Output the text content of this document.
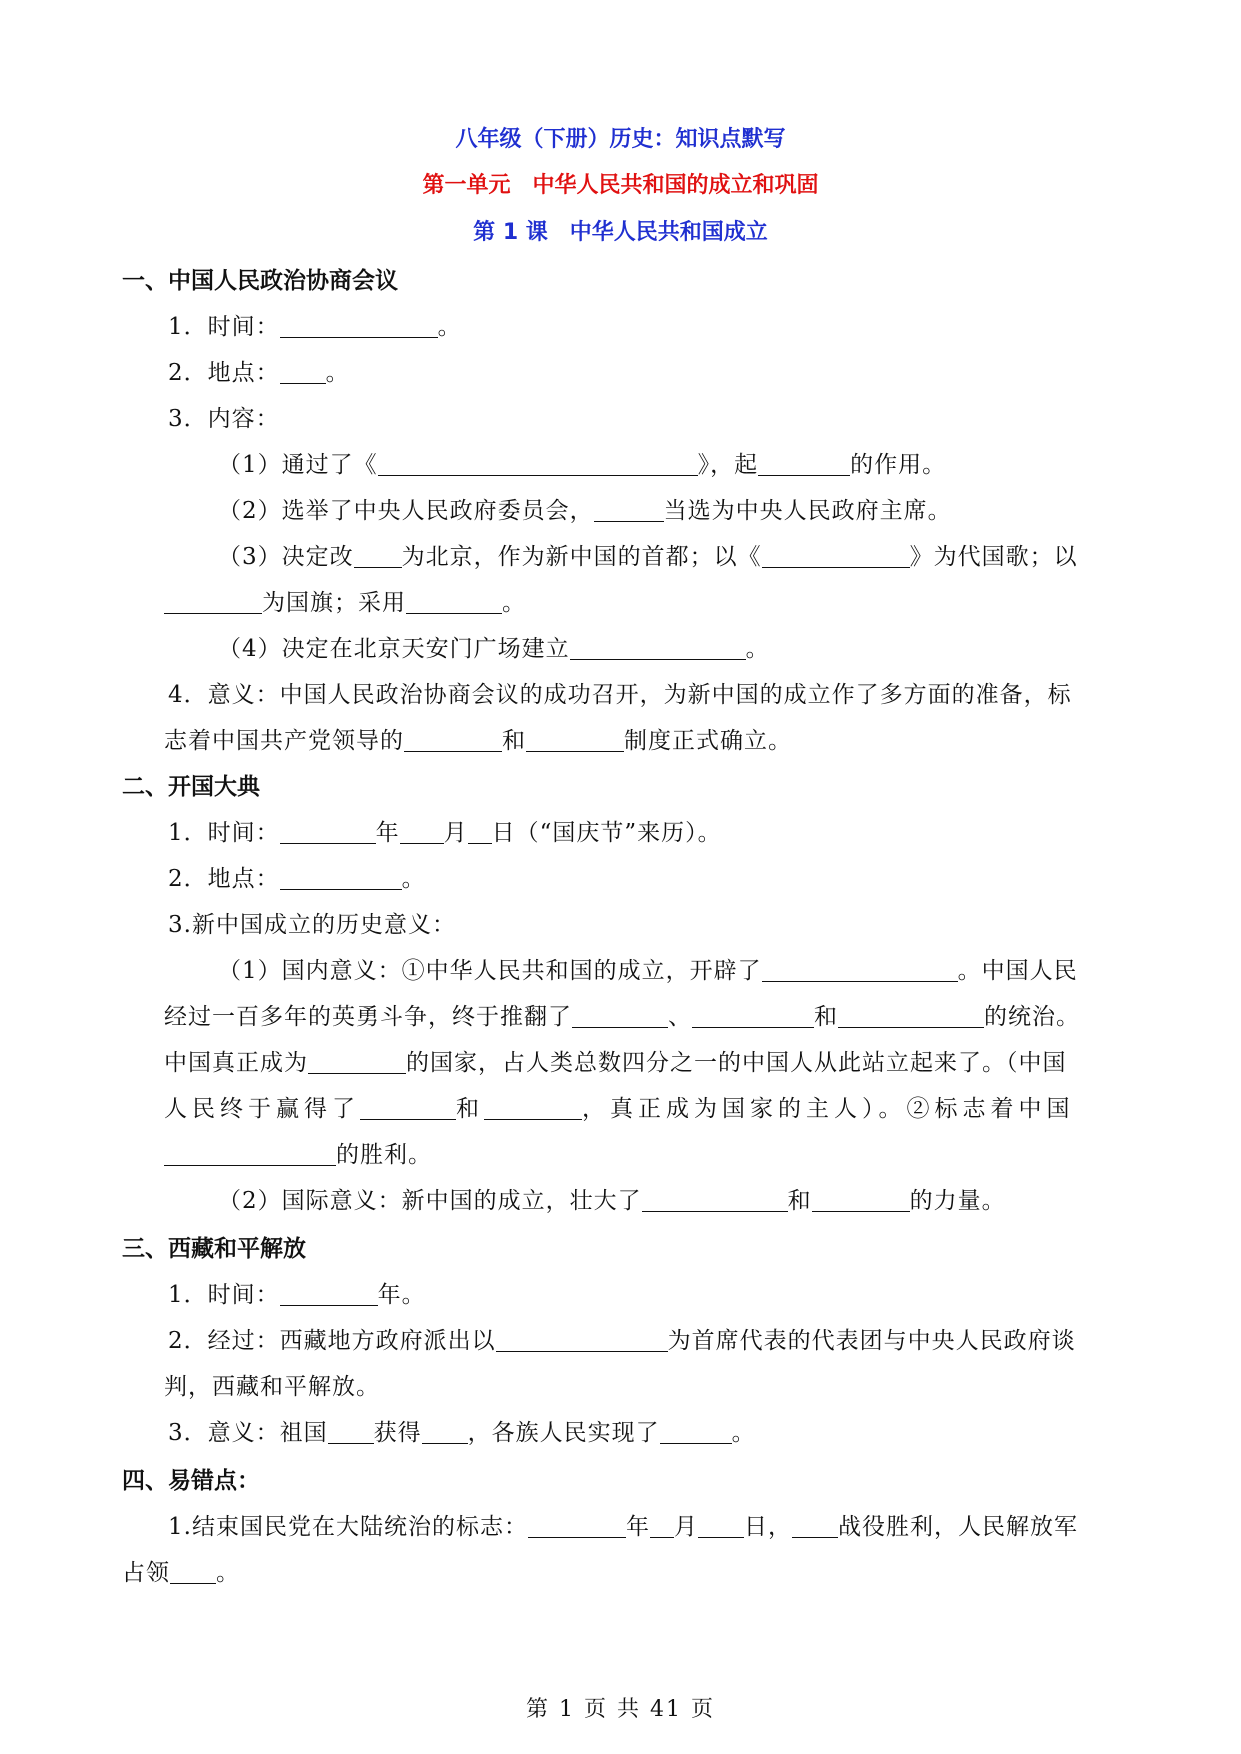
八年级（下册）历史：知识点默写
第一单元　中华人民共和国的成立和巩固
第 1 课　中华人民共和国成立
一、中国人民政治协商会议
1．时间：	。
2．地点： 。
3．内容：
（1）通过了《	》，起	的作用。
（2）选举了中央人民政府委员会，	当选为中央人民政府主席。
（3）决定改 为北京，作为新中国的首都；以《	》为代国歌；以
为国旗；采用	。
（4）决定在北京天安门广场建立	。
4．意义：中国人民政治协商会议的成功召开，为新中国的成立作了多方面的准备，标
志着中国共产党领导的	和	制度正式确立。
二、开国大典
1．时间：	年 月 日（“国庆节”来历）。
2．地点：	。
3.新中国成立的历史意义：
（1）国内意义：①中华人民共和国的成立，开辟了	。中国人民
经过一百多年的英勇斗争，终于推翻了	、	和	的统治。
中国真正成为	的国家，占人类总数四分之一的中国人从此站立起来了。（中国
人民终于赢得了	和	，真正成为国家的主人）。②标志着中国
的胜利。
（2）国际意义：新中国的成立，壮大了	和	的力量。
三、西藏和平解放
1．时间：	年。
2．经过：西藏地方政府派出以	为首席代表的代表团与中央人民政府谈
判，西藏和平解放。
3．意义：祖国 获得 ，各族人民实现了	。
四、易错点：
1.结束国民党在大陆统治的标志：	年 月 日， 战役胜利，人民解放军
占领 。
第 1 页 共 41 页
